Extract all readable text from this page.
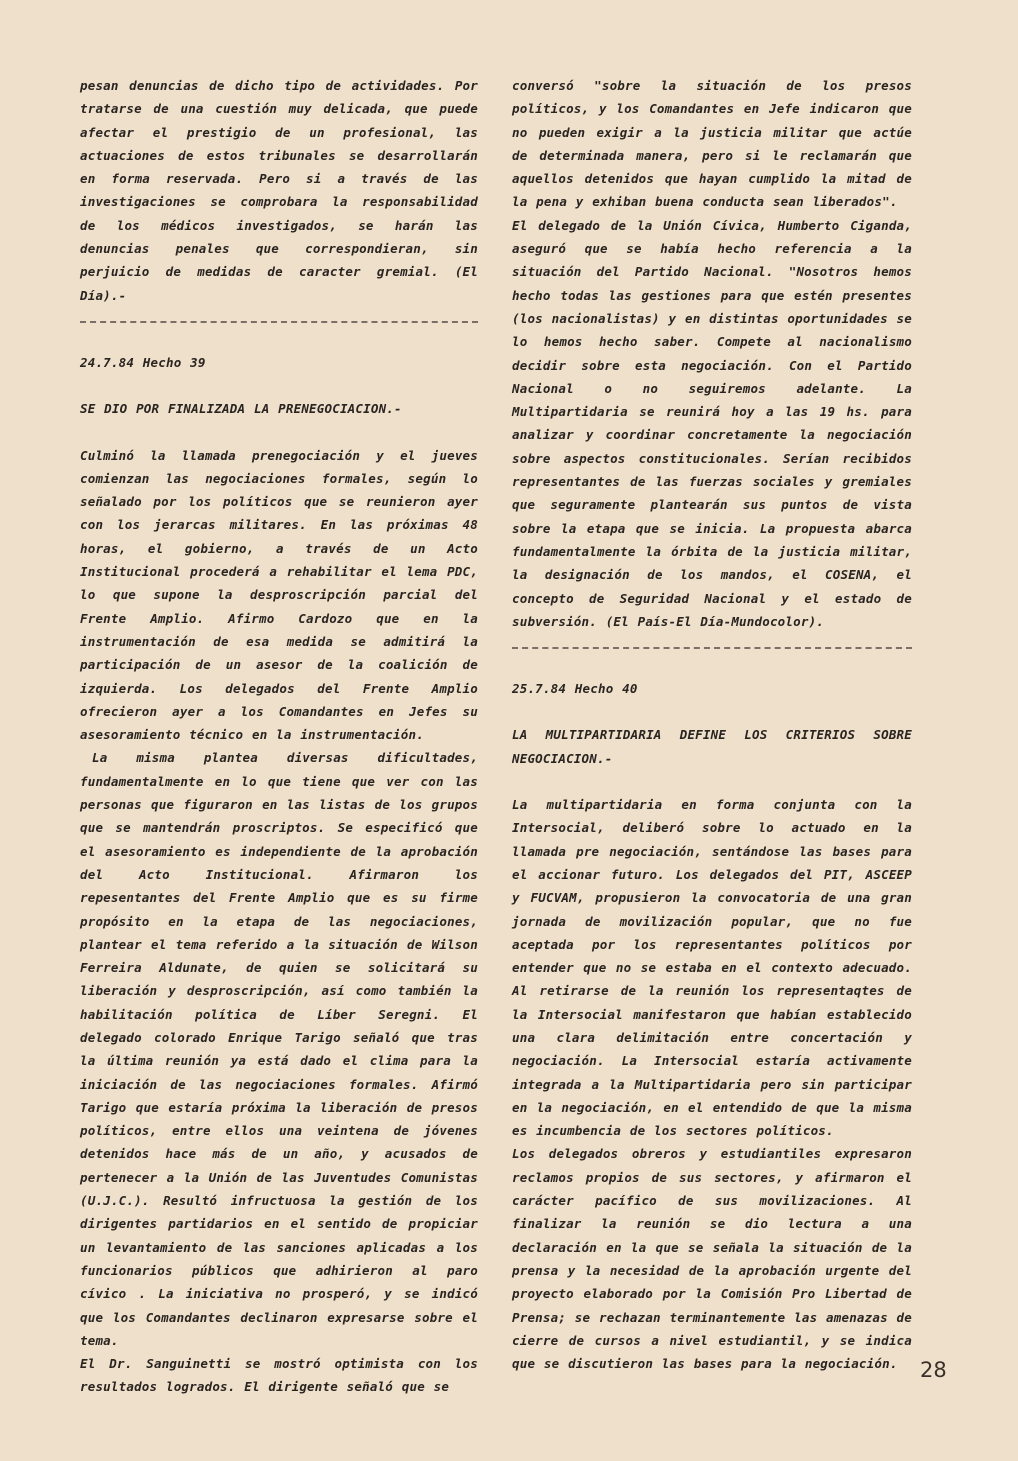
pesan denuncias de dicho tipo de actividades. Por tratarse de una cuestión muy delicada, que puede afectar el prestigio de un profesional, las actuaciones de estos tribunales se desarrollarán en forma reservada. Pero si a través de las investigaciones se comprobara la responsabilidad de los médicos investigados, se harán las denuncias penales que correspondieran, sin perjuicio de medidas de caracter gremial. (El Día).-

24.7.84 Hecho 39

SE DIO POR FINALIZADA LA PRENEGOCIACION.-

Culminó la llamada prenegociación y el jueves comienzan las negociaciones formales, según lo señalado por los políticos que se reunieron ayer con los jerarcas militares. En las próximas 48 horas, el gobierno, a través de un Acto Institucional procederá a rehabilitar el lema PDC, lo que supone la desproscripción parcial del Frente Amplio. Afirmo Cardozo que en la instrumentación de esa medida se admitirá la participación de un asesor de la coalición de izquierda. Los delegados del Frente Amplio ofrecieron ayer a los Comandantes en Jefes su asesoramiento técnico en la instrumentación.

La misma plantea diversas dificultades, fundamentalmente en lo que tiene que ver con las personas que figuraron en las listas de los grupos que se mantendrán proscriptos. Se especificó que el asesoramiento es independiente de la aprobación del Acto Institucional. Afirmaron los repesentantes del Frente Amplio que es su firme propósito en la etapa de las negociaciones, plantear el tema referido a la situación de Wilson Ferreira Aldunate, de quien se solicitará su liberación y desproscripción, así como también la habilitación política de Líber Seregni. El delegado colorado Enrique Tarigo señaló que tras la última reunión ya está dado el clima para la iniciación de las negociaciones formales. Afirmó Tarigo que estaría próxima la liberación de presos políticos, entre ellos una veintena de jóvenes detenidos hace más de un año, y acusados de pertenecer a la Unión de las Juventudes Comunistas (U.J.C.). Resultó infructuosa la gestión de los dirigentes partidarios en el sentido de propiciar un levantamiento de las sanciones aplicadas a los funcionarios públicos que adhirieron al paro cívico . La iniciativa no prosperó, y se indicó que los Comandantes declinaron expresarse sobre el tema.

El Dr. Sanguinetti se mostró optimista con los resultados logrados. El dirigente señaló que se

conversó "sobre la situación de los presos políticos, y los Comandantes en Jefe indicaron que no pueden exigir a la justicia militar que actúe de determinada manera, pero si le reclamarán que aquellos detenidos que hayan cumplido la mitad de la pena y exhiban buena conducta sean liberados".

El delegado de la Unión Cívica, Humberto Ciganda, aseguró que se había hecho referencia a la situación del Partido Nacional. "Nosotros hemos hecho todas las gestiones para que estén presentes (los nacionalistas) y en distintas oportunidades se lo hemos hecho saber. Compete al nacionalismo decidir sobre esta negociación. Con el Partido Nacional o no seguiremos adelante. La Multipartidaria se reunirá hoy a las 19 hs. para analizar y coordinar concretamente la negociación sobre aspectos constitucionales. Serían recibidos representantes de las fuerzas sociales y gremiales que seguramente plantearán sus puntos de vista sobre la etapa que se inicia. La propuesta abarca fundamentalmente la órbita de la justicia militar, la designación de los mandos, el COSENA, el concepto de Seguridad Nacional y el estado de subversión. (El País-El Día-Mundocolor).

25.7.84 Hecho 40

LA MULTIPARTIDARIA DEFINE LOS CRITERIOS SOBRE NEGOCIACION.-

La multipartidaria en forma conjunta con la Intersocial, deliberó sobre lo actuado en la llamada pre negociación, sentándose las bases para el accionar futuro. Los delegados del PIT, ASCEEP y FUCVAM, propusieron la convocatoria de una gran jornada de movilización popular, que no fue aceptada por los representantes políticos por entender que no se estaba en el contexto adecuado. Al retirarse de la reunión los representaqtes de la Intersocial manifestaron que habían establecido una clara delimitación entre concertación y negociación. La Intersocial estaría activamente integrada a la Multipartidaria pero sin participar en la negociación, en el entendido de que la misma es incumbencia de los sectores políticos.

Los delegados obreros y estudiantiles expresaron reclamos propios de sus sectores, y afirmaron el carácter pacífico de sus movilizaciones. Al finalizar la reunión se dio lectura a una declaración en la que se señala la situación de la prensa y la necesidad de la aprobación urgente del proyecto elaborado por la Comisión Pro Libertad de Prensa; se rechazan terminantemente las amenazas de cierre de cursos a nivel estudiantil, y se indica que se discutieron las bases para la negociación.	28
